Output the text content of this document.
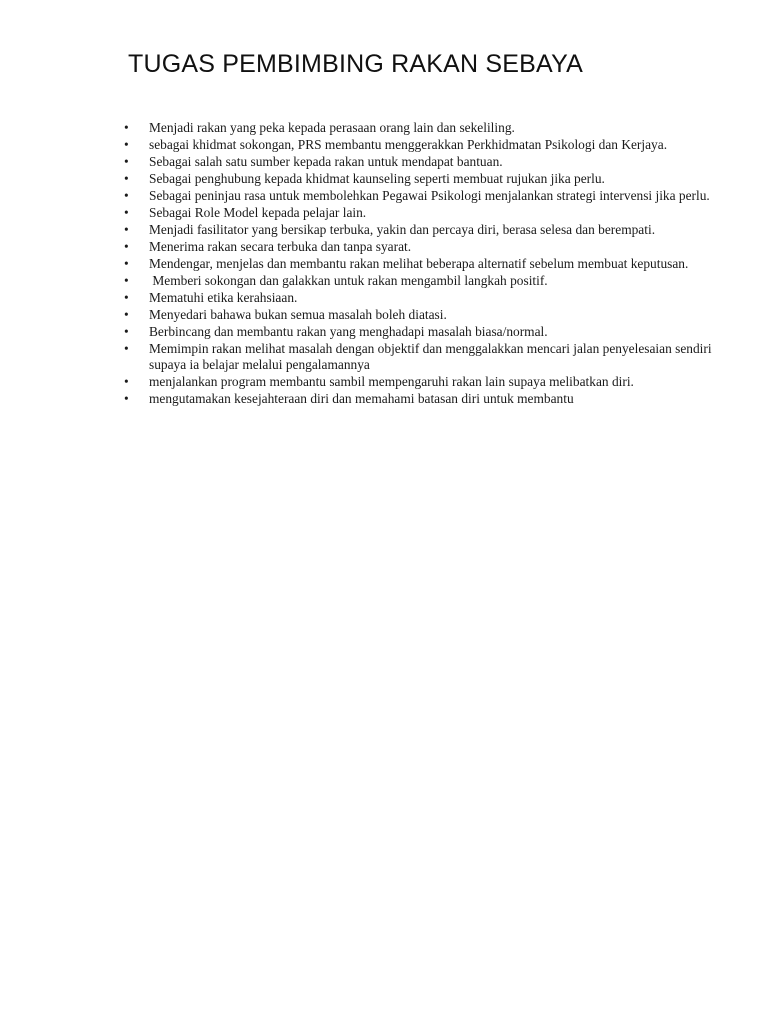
TUGAS PEMBIMBING RAKAN SEBAYA
• Menjadi rakan yang peka kepada perasaan orang lain dan sekeliling.
• sebagai khidmat sokongan, PRS membantu menggerakkan Perkhidmatan Psikologi dan Kerjaya.
• Sebagai salah satu sumber kepada rakan untuk mendapat bantuan.
• Sebagai penghubung kepada khidmat kaunseling seperti membuat rujukan jika perlu.
• Sebagai peninjau rasa untuk membolehkan Pegawai Psikologi menjalankan strategi intervensi jika perlu.
• Sebagai Role Model kepada pelajar lain.
• Menjadi fasilitator yang bersikap terbuka, yakin dan percaya diri, berasa selesa dan berempati.
• Menerima rakan secara terbuka dan tanpa syarat.
• Mendengar, menjelas dan membantu rakan melihat beberapa alternatif sebelum membuat keputusan.
• Memberi sokongan dan galakkan untuk rakan mengambil langkah positif.
• Mematuhi etika kerahsiaan.
• Menyedari bahawa bukan semua masalah boleh diatasi.
• Berbincang dan membantu rakan yang menghadapi masalah biasa/normal.
• Memimpin rakan melihat masalah dengan objektif dan menggalakkan mencari jalan penyelesaian sendiri supaya ia belajar melalui pengalamannya
• menjalankan program membantu sambil mempengaruhi rakan lain supaya melibatkan diri.
• mengutamakan kesejahteraan diri dan memahami batasan diri untuk membantu
